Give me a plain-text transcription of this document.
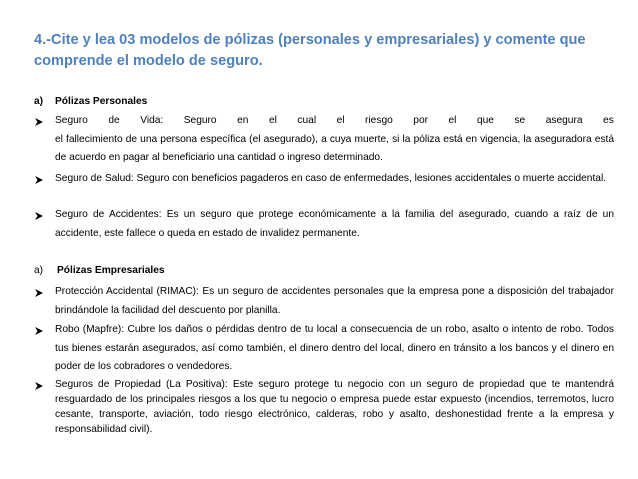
4.-Cite y lea 03 modelos de pólizas (personales y empresariales) y comente que comprende el modelo de seguro.
a) Pólizas Personales
Seguro de Vida: Seguro en el cual el riesgo por el que se asegura es
el fallecimiento de una persona específica (el asegurado), a cuya muerte, si la póliza está en vigencia, la aseguradora está de acuerdo en pagar al beneficiario una cantidad o ingreso determinado.

Seguro de Salud: Seguro con beneficios pagaderos en caso de enfermedades, lesiones accidentales o muerte accidental.

Seguro de Accidentes: Es un seguro que protege económicamente a la familia del asegurado, cuando a raíz de un accidente, este fallece o queda en estado de invalidez permanente.

a) Pólizas Empresariales

Protección Accidental (RIMAC): Es un seguro de accidentes personales que la empresa pone a disposición del trabajador brindándole la facilidad del descuento por planilla.

Robo (Mapfre): Cubre los daños o pérdidas dentro de tu local a consecuencia de un robo, asalto o intento de robo. Todos tus bienes estarán asegurados, así como también, el dinero dentro del local, dinero en tránsito a los bancos y el dinero en poder de los cobradores o vendedores.

Seguros de Propiedad (La Positiva): Este seguro protege tu negocio con un seguro de propiedad que te mantendrá resguardado de los principales riesgos a los que tu negocio o empresa puede estar expuesto (incendios, terremotos, lucro cesante, transporte, aviación, todo riesgo electrónico, calderas, robo y asalto, deshonestidad frente a la empresa y responsabilidad civil).
